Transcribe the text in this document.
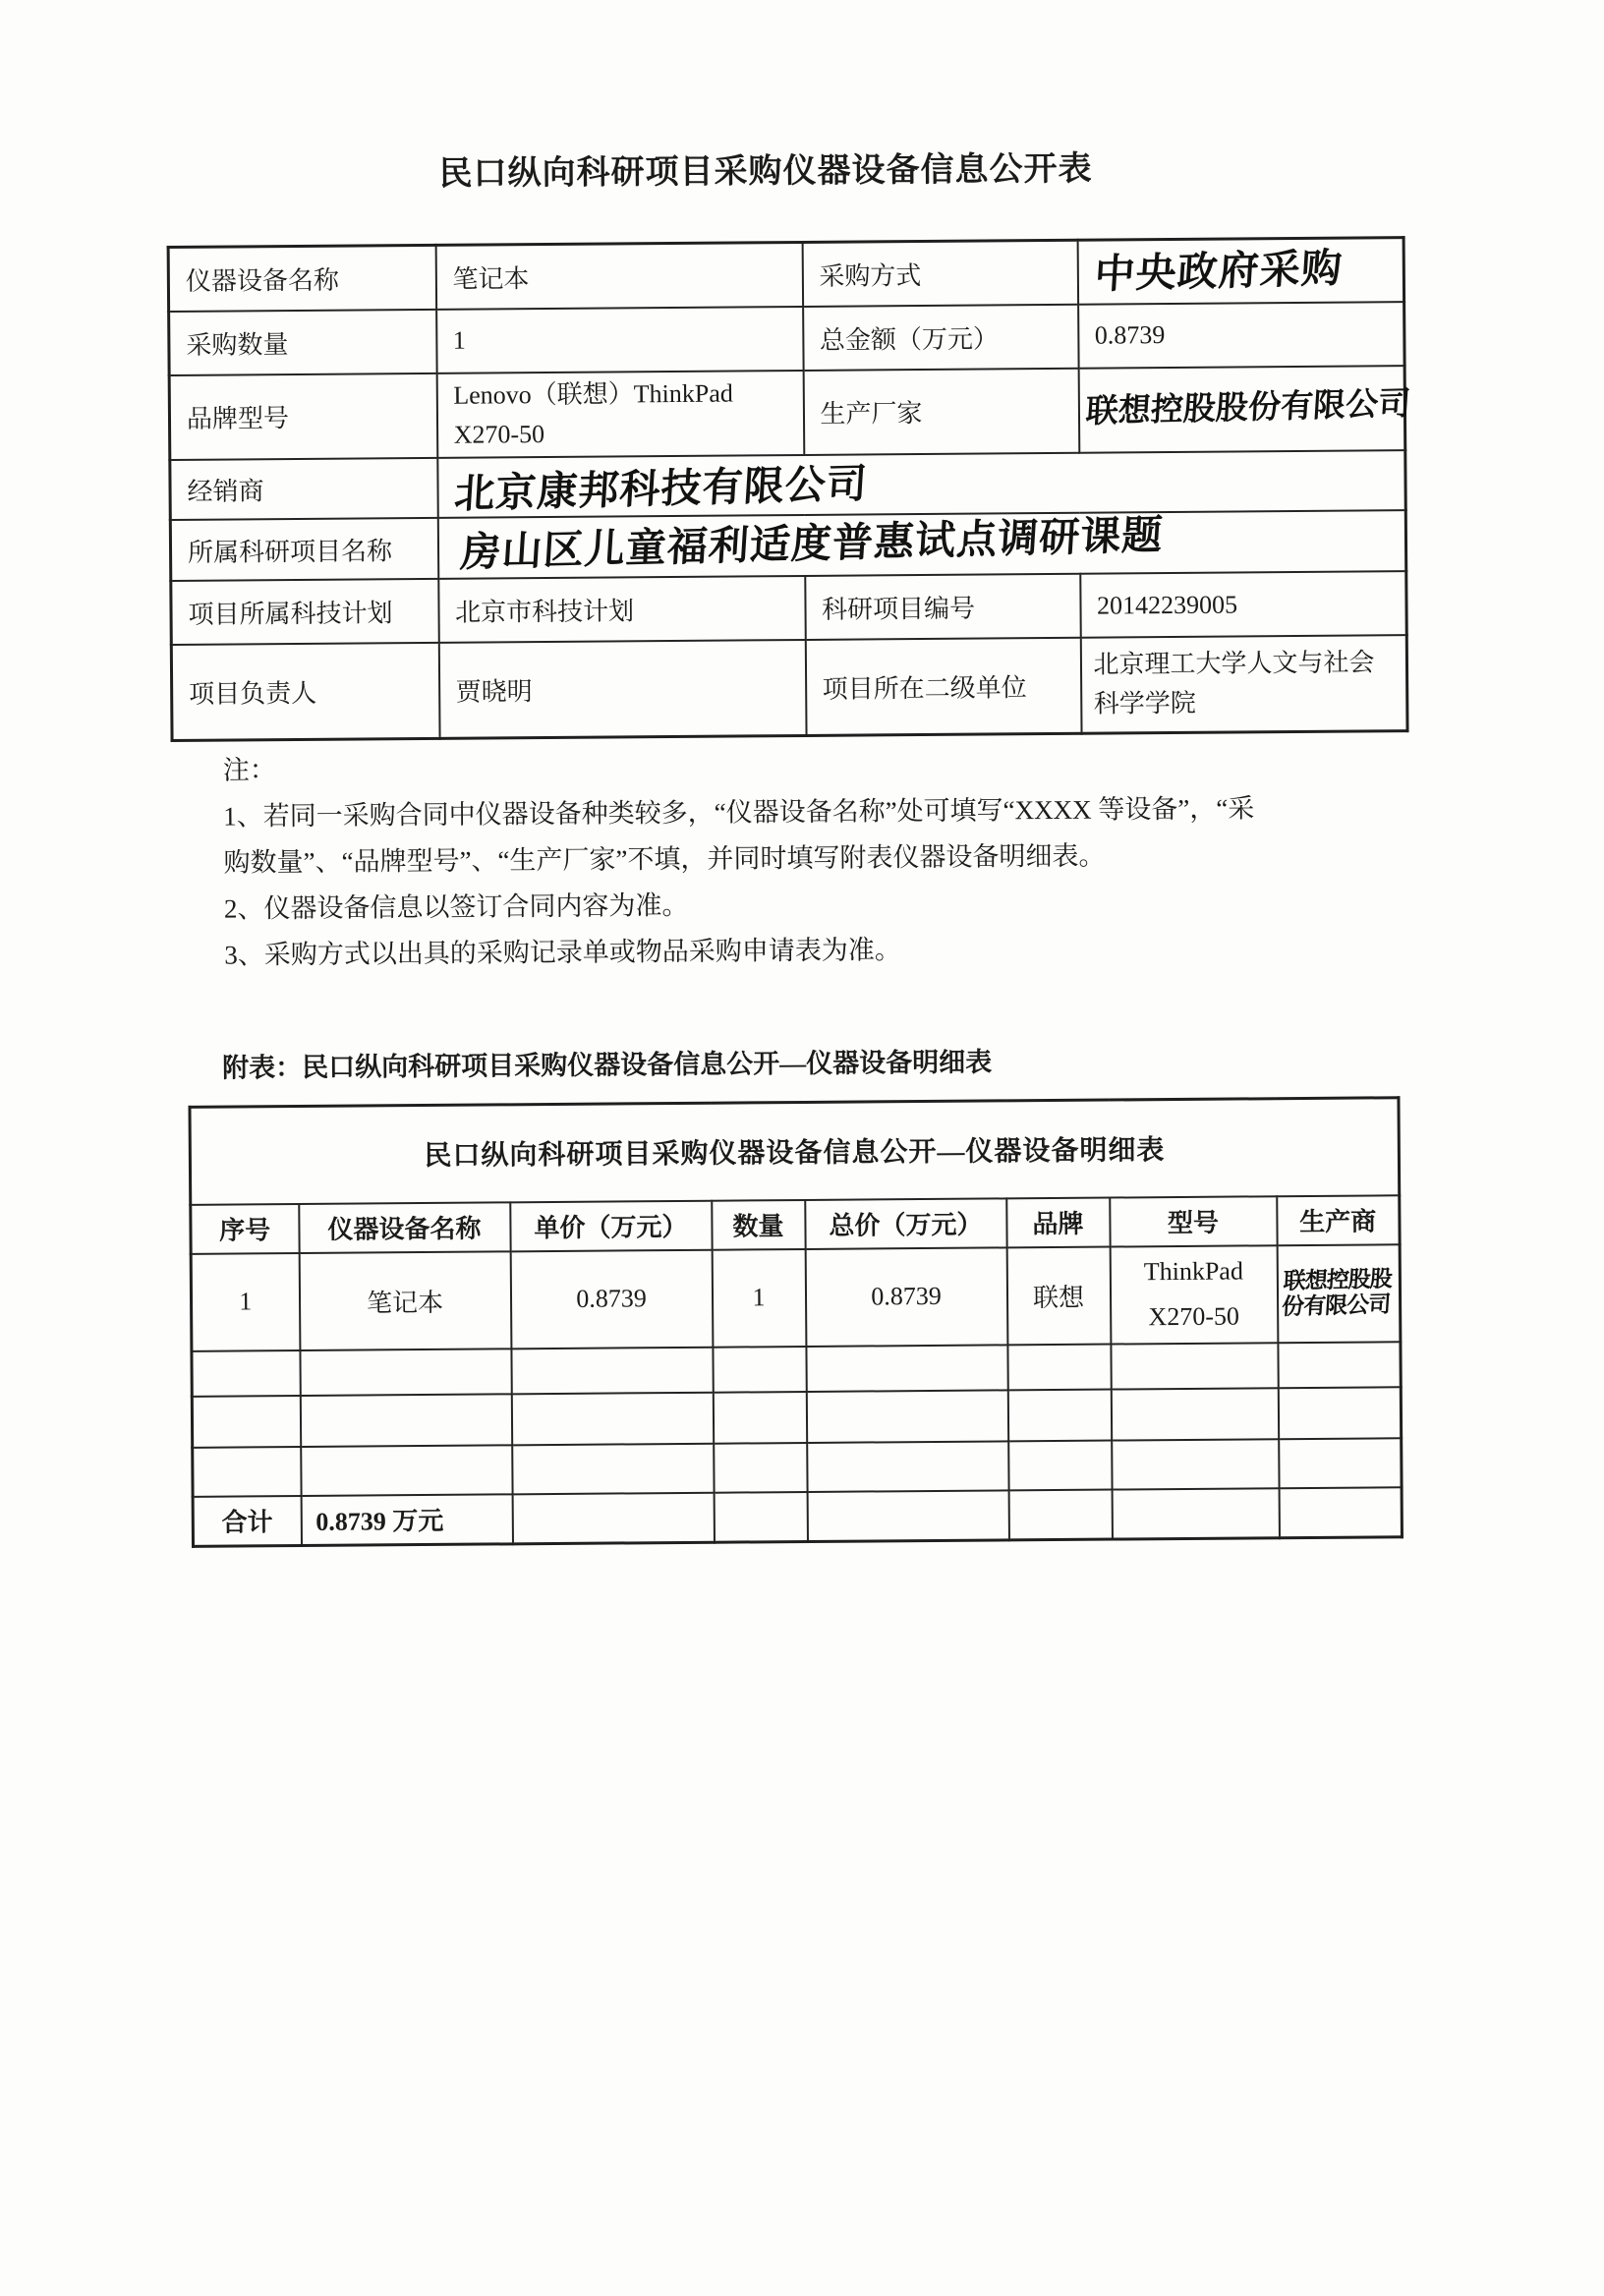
民口纵向科研项目采购仪器设备信息公开表
仪器设备名称	笔记本	采购方式	中央政府采购
采购数量	1	总金额（万元）	0.8739
品牌型号	Lenovo（联想）ThinkPad X270-50	生产厂家	联想控股股份有限公司
经销商	北京康邦科技有限公司		
所属科研项目名称	房山区儿童福利适度普惠试点调研课题		
项目所属科技计划	北京市科技计划	科研项目编号	20142239005
项目负责人	贾晓明	项目所在二级单位	北京理工大学人文与社会科学学院
注：
1、若同一采购合同中仪器设备种类较多，“仪器设备名称”处可填写“XXXX 等设备”，“采
购数量”、“品牌型号”、“生产厂家”不填，并同时填写附表仪器设备明细表。
2、仪器设备信息以签订合同内容为准。
3、采购方式以出具的采购记录单或物品采购申请表为准。
附表：民口纵向科研项目采购仪器设备信息公开—仪器设备明细表
民口纵向科研项目采购仪器设备信息公开—仪器设备明细表							
序号	仪器设备名称	单价（万元）	数量	总价（万元）	品牌	型号	生产商
1	笔记本	0.8739	1	0.8739	联想	ThinkPad X270-50	联想控股股份有限公司

合计	0.8739 万元						
